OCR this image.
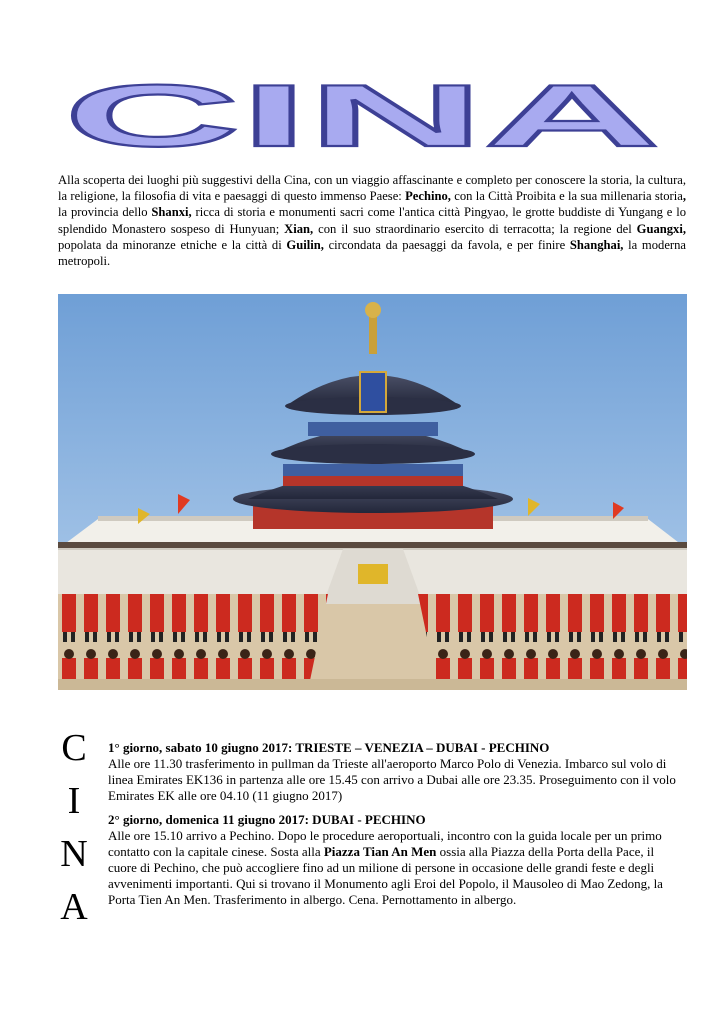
CINA

Alla scoperta dei luoghi più suggestivi della Cina, con un viaggio affascinante e completo per conoscere la storia, la cultura, la religione, la filosofia di vita e paesaggi di questo immenso Paese: Pechino, con la Città Proibita e la sua millenaria storia, la provincia dello Shanxi, ricca di storia e monumenti sacri come l'antica città Pingyao, le grotte buddiste di Yungang e lo splendido Monastero sospeso di Hunyuan; Xian, con il suo straordinario esercito di terracotta; la regione del Guangxi, popolata da minoranze etniche e la città di Guilin, circondata da paesaggi da favola, e per finire Shanghai, la moderna metropoli.

C
I
N
A
1° giorno, sabato 10 giugno 2017: TRIESTE – VENEZIA – DUBAI - PECHINO

Alle ore 11.30 trasferimento in pullman da Trieste all'aeroporto Marco Polo di Venezia. Imbarco sul volo di linea Emirates EK136 in partenza alle ore 15.45 con arrivo a Dubai alle ore 23.35. Proseguimento con il volo Emirates EK alle ore 04.10 (11 giugno 2017)

2° giorno, domenica 11 giugno 2017: DUBAI - PECHINO

Alle ore 15.10 arrivo a Pechino. Dopo le procedure aeroportuali, incontro con la guida locale per un primo contatto con la capitale cinese. Sosta alla Piazza Tian An Men ossia alla Piazza della Porta della Pace, il cuore di Pechino, che può accogliere fino ad un milione di persone in occasione delle grandi feste e degli avvenimenti importanti. Qui si trovano il Monumento agli Eroi del Popolo, il Mausoleo di Mao Zedong, la Porta Tien An Men. Trasferimento in albergo. Cena. Pernottamento in albergo.
